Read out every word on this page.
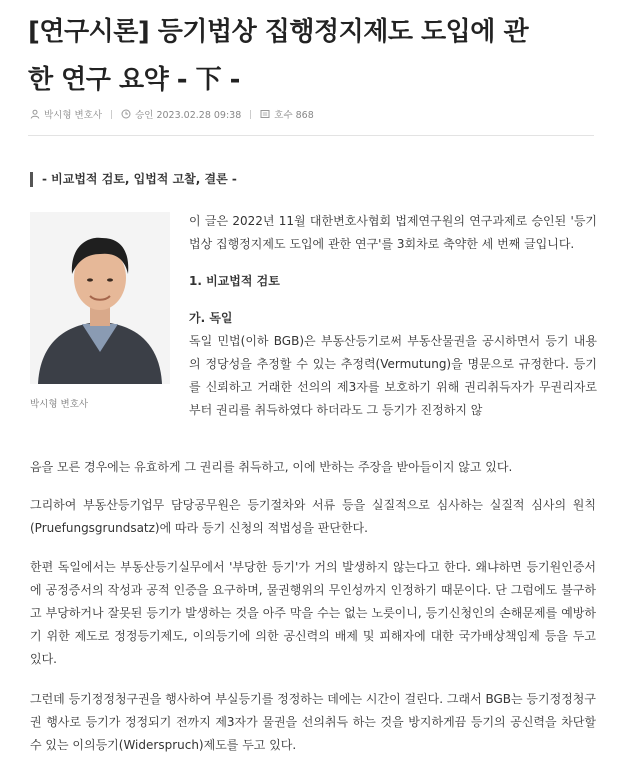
[연구시론] 등기법상 집행정지제도 도입에 관
한 연구 요약 - 下 -
박시형 변호사	승인 2023.02.28 09:38	호수 868
- 비교법적 검토, 입법적 고찰, 결론 -
박시형 변호사

이 글은 2022년 11월 대한변호사협회 법제연구원의 연구과제로 승인된 '등기법상 집행정지제도 도입에 관한 연구'를 3회차로 축약한 세 번째 글입니다.

1. 비교법적 검토

가. 독일

독일 민법(이하 BGB)은 부동산등기로써 부동산물권을 공시하면서 등기 내용의 정당성을 추정할 수 있는 추정력(Vermutung)을 명문으로 규정한다. 등기를 신뢰하고 거래한 선의의 제3자를 보호하기 위해 권리취득자가 무권리자로부터 권리를 취득하였다 하더라도 그 등기가 진정하지 않

음을 모른 경우에는 유효하게 그 권리를 취득하고, 이에 반하는 주장을 받아들이지 않고 있다.

그리하여 부동산등기업무 담당공무원은 등기절차와 서류 등을 실질적으로 심사하는 실질적 심사의 원칙(Pruefungsgrundsatz)에 따라 등기 신청의 적법성을 판단한다.

한편 독일에서는 부동산등기실무에서 '부당한 등기'가 거의 발생하지 않는다고 한다. 왜냐하면 등기원인증서에 공정증서의 작성과 공적 인증을 요구하며, 물권행위의 무인성까지 인정하기 때문이다. 단 그럼에도 불구하고 부당하거나 잘못된 등기가 발생하는 것을 아주 막을 수는 없는 노릇이니, 등기신청인의 손해문제를 예방하기 위한 제도로 정정등기제도, 이의등기에 의한 공신력의 배제 및 피해자에 대한 국가배상책임제 등을 두고 있다.

그런데 등기정정청구권을 행사하여 부실등기를 정정하는 데에는 시간이 걸린다. 그래서 BGB는 등기정정청구권 행사로 등기가 정정되기 전까지 제3자가 물권을 선의취득 하는 것을 방지하게끔 등기의 공신력을 차단할 수 있는 이의등기(Widerspruch)제도를 두고 있다.
